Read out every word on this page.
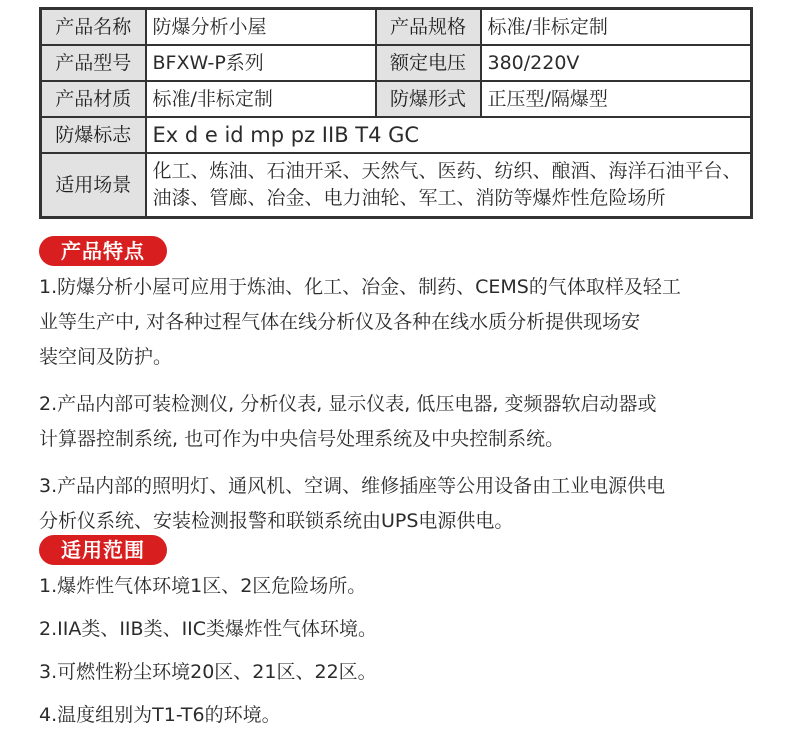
产品名称	防爆分析小屋	产品规格	标准/非标定制
产品型号	BFXW-P系列	额定电压	380/220V
产品材质	标准/非标定制	防爆形式	正压型/隔爆型
防爆标志	Ex d e id mp pz IIB T4 GC		
适用场景	化工、炼油、石油开采、天然气、医药、纺织、酿酒、海洋石油平台、油漆、管廊、冶金、电力油轮、军工、消防等爆炸性危险场所		
产品特点

1.防爆分析小屋可应用于炼油、化工、冶金、制药、CEMS的气体取样及轻工

业等生产中, 对各种过程气体在线分析仪及各种在线水质分析提供现场安

装空间及防护。

2.产品内部可装检测仪, 分析仪表, 显示仪表, 低压电器, 变频器软启动器或

计算器控制系统, 也可作为中央信号处理系统及中央控制系统。

3.产品内部的照明灯、通风机、空调、维修插座等公用设备由工业电源供电

分析仪系统、安装检测报警和联锁系统由UPS电源供电。

适用范围

1.爆炸性气体环境1区、2区危险场所。

2.IIA类、IIB类、IIC类爆炸性气体环境。

3.可燃性粉尘环境20区、21区、22区。

4.温度组别为T1-T6的环境。
